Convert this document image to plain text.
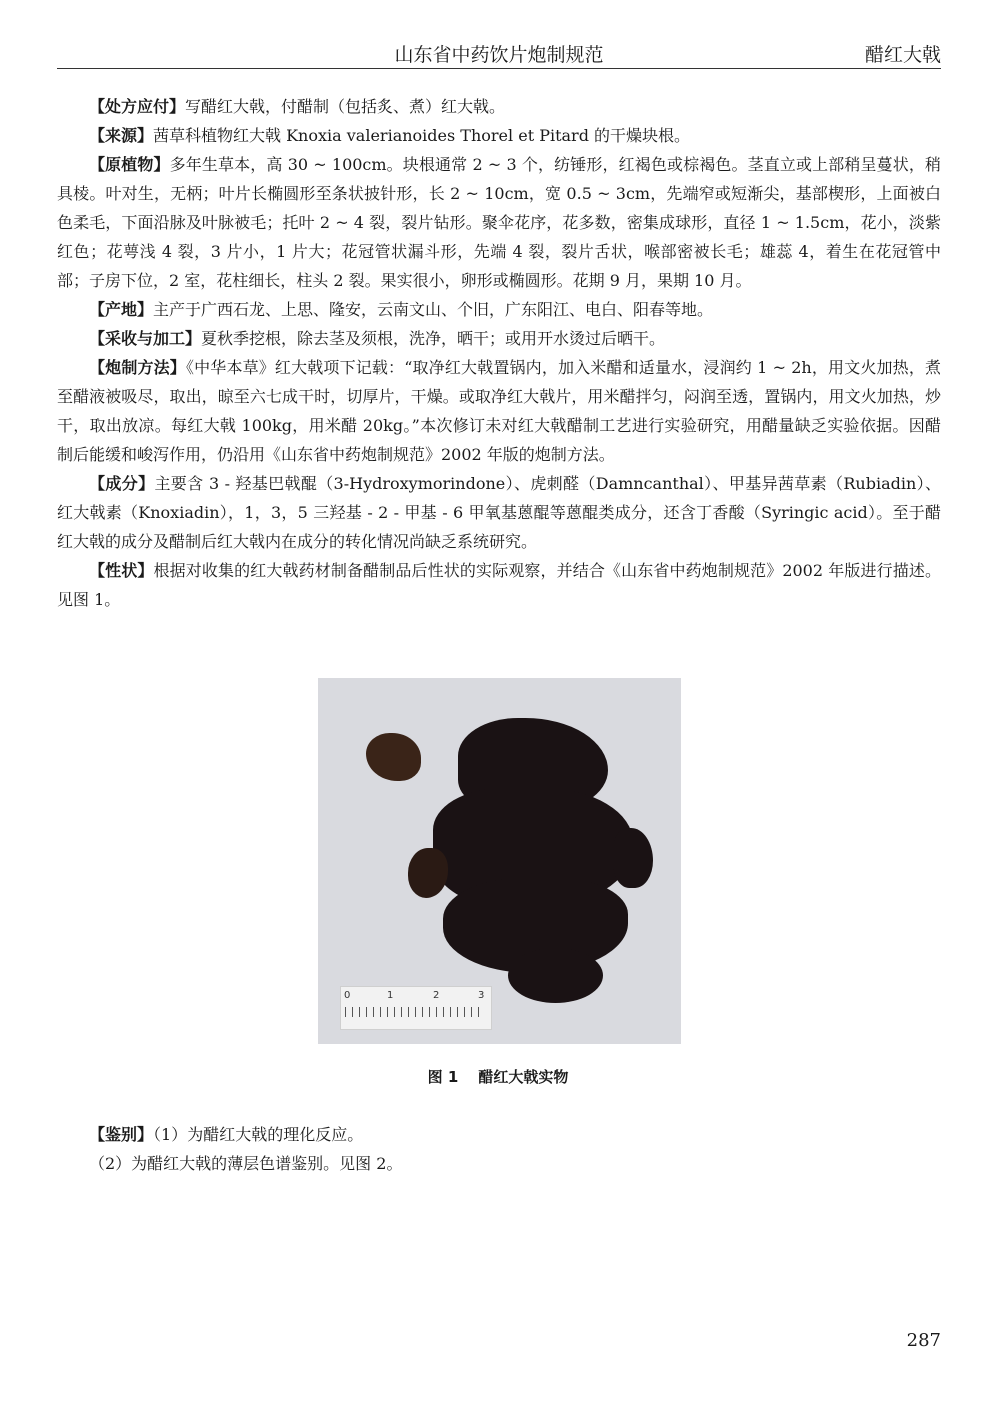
山东省中药饮片炮制规范	醋红大戟

【处方应付】写醋红大戟，付醋制（包括炙、煮）红大戟。

【来源】茜草科植物红大戟 Knoxia valerianoides Thorel et Pitard 的干燥块根。

【原植物】多年生草本，高 30 ~ 100cm。块根通常 2 ~ 3 个，纺锤形，红褐色或棕褐色。茎直立或上部稍呈蔓状，稍具棱。叶对生，无柄；叶片长椭圆形至条状披针形，长 2 ~ 10cm，宽 0.5 ~ 3cm，先端窄或短渐尖，基部楔形，上面被白色柔毛，下面沿脉及叶脉被毛；托叶 2 ~ 4 裂，裂片钻形。聚伞花序，花多数，密集成球形，直径 1 ~ 1.5cm，花小，淡紫红色；花萼浅 4 裂，3 片小，1 片大；花冠管状漏斗形，先端 4 裂，裂片舌状，喉部密被长毛；雄蕊 4，着生在花冠管中部；子房下位，2 室，花柱细长，柱头 2 裂。果实很小，卵形或椭圆形。花期 9 月，果期 10 月。

【产地】主产于广西石龙、上思、隆安，云南文山、个旧，广东阳江、电白、阳春等地。

【采收与加工】夏秋季挖根，除去茎及须根，洗净，晒干；或用开水烫过后晒干。

【炮制方法】《中华本草》红大戟项下记载：“取净红大戟置锅内，加入米醋和适量水，浸润约 1 ~ 2h，用文火加热，煮至醋液被吸尽，取出，晾至六七成干时，切厚片，干燥。或取净红大戟片，用米醋拌匀，闷润至透，置锅内，用文火加热，炒干，取出放凉。每红大戟 100kg，用米醋 20kg。”本次修订未对红大戟醋制工艺进行实验研究，用醋量缺乏实验依据。因醋制后能缓和峻泻作用，仍沿用《山东省中药炮制规范》2002 年版的炮制方法。

【成分】主要含 3 - 羟基巴戟醌（3-Hydroxymorindone）、虎刺醛（Damncanthal）、甲基异茜草素（Rubiadin）、红大戟素（Knoxiadin），1，3，5 三羟基 - 2 - 甲基 - 6 甲氧基蒽醌等蒽醌类成分，还含丁香酸（Syringic acid）。至于醋红大戟的成分及醋制后红大戟内在成分的转化情况尚缺乏系统研究。

【性状】根据对收集的红大戟药材制备醋制品后性状的实际观察，并结合《山东省中药炮制规范》2002 年版进行描述。见图 1。

0	1	2	3
图 1 醋红大戟实物

【鉴别】（1）为醋红大戟的理化反应。

（2）为醋红大戟的薄层色谱鉴别。见图 2。

287
